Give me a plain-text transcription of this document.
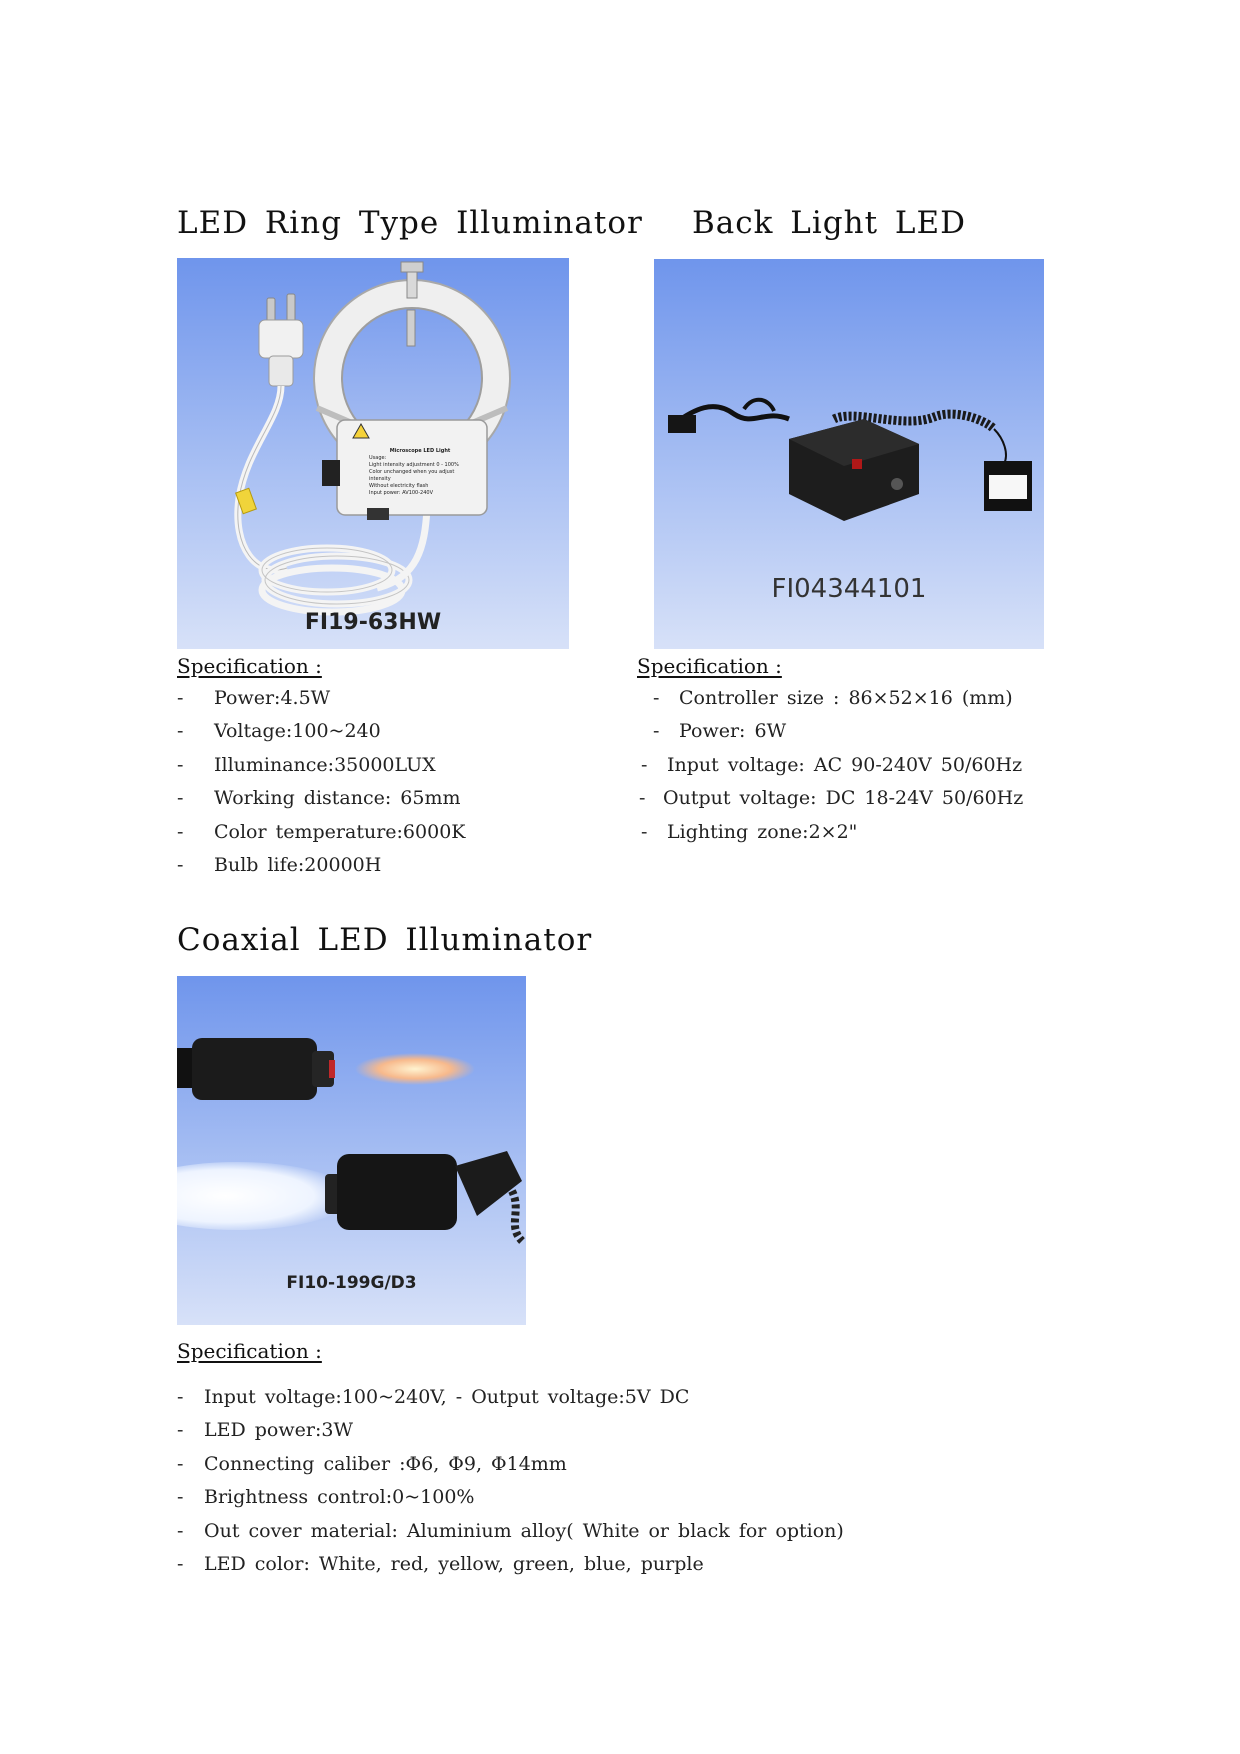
LED Ring Type Illuminator
Microscope LED Light
Usage:
Light intensity adjustment 0 - 100%
Color unchanged when you adjust intensity
Without electricity flash
Input power: AV100-240V
FI19-63HW
Specification :
-	Power:4.5W
-	Voltage:100~240
-	Illuminance:35000LUX
-	Working distance: 65mm
-	Color temperature:6000K
-	Bulb life:20000H
Back Light LED
FI04344101
Specification :
-	Controller size : 86×52×16 (mm)
-	Power: 6W
-	Input voltage: AC 90-240V 50/60Hz
- Output voltage: DC 18-24V 50/60Hz
-	Lighting zone:2×2"
Coaxial LED Illuminator
FI10-199G/D3
Specification :
-	Input voltage:100~240V, - Output voltage:5V DC
-	LED power:3W
-	Connecting caliber :Φ6, Φ9, Φ14mm
-	Brightness control:0~100%
-	Out cover material: Aluminium alloy( White or black for option)
-	LED color: White, red, yellow, green, blue, purple
